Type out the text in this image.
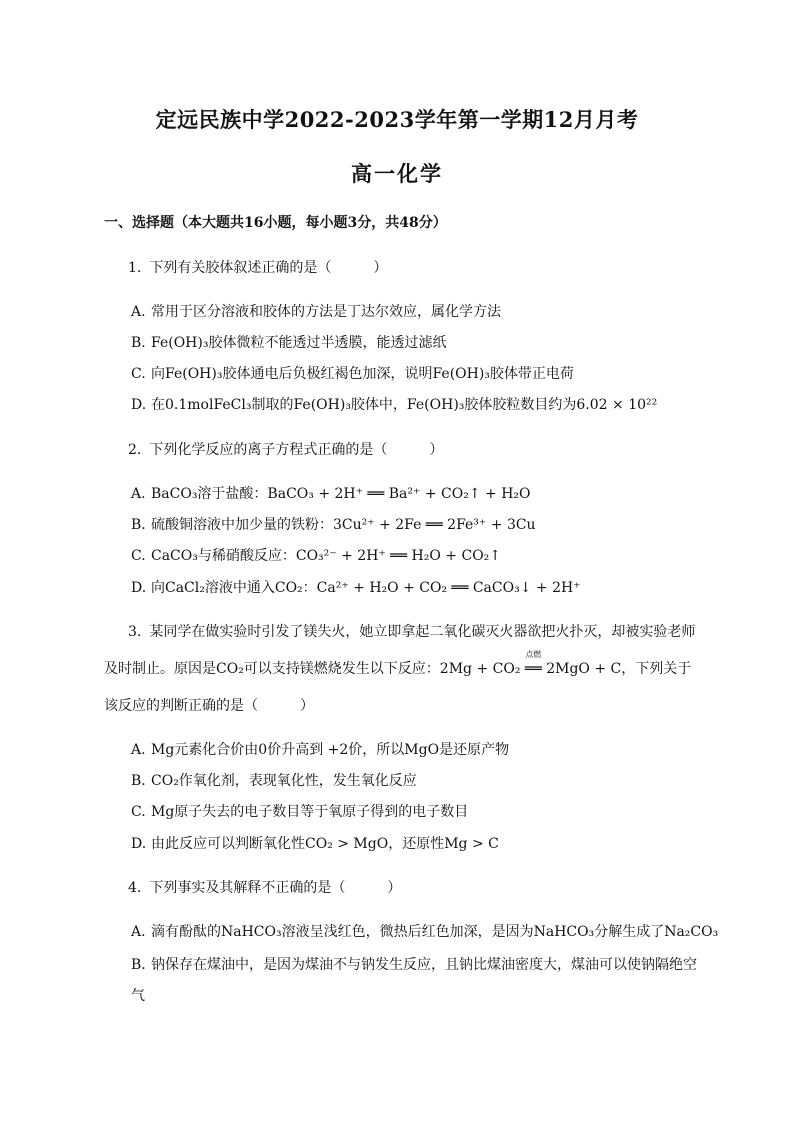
定远民族中学2022-2023学年第一学期12月月考
高一化学
一、选择题（本大题共16小题，每小题3分，共48分）
1. 下列有关胶体叙述正确的是（　　　）
A. 常用于区分溶液和胶体的方法是丁达尔效应，属化学方法
B. Fe(OH)₃胶体微粒不能透过半透膜，能透过滤纸
C. 向Fe(OH)₃胶体通电后负极红褐色加深，说明Fe(OH)₃胶体带正电荷
D. 在0.1molFeCl₃制取的Fe(OH)₃胶体中，Fe(OH)₃胶体胶粒数目约为6.02 × 10²²
2. 下列化学反应的离子方程式正确的是（　　　）
A. BaCO₃溶于盐酸：BaCO₃ + 2H⁺ ══ Ba²⁺ + CO₂↑ + H₂O
B. 硫酸铜溶液中加少量的铁粉：3Cu²⁺ + 2Fe ══ 2Fe³⁺ + 3Cu
C. CaCO₃与稀硝酸反应：CO₃²⁻ + 2H⁺ ══ H₂O + CO₂↑
D. 向CaCl₂溶液中通入CO₂：Ca²⁺ + H₂O + CO₂ ══ CaCO₃↓ + 2H⁺
3. 某同学在做实验时引发了镁失火，她立即拿起二氧化碳灭火器欲把火扑灭，却被实验老师
及时制止。原因是CO₂可以支持镁燃烧发生以下反应：2Mg + CO₂
点燃
══ 2MgO + C，下列关于
该反应的判断正确的是（　　　）
A. Mg元素化合价由0价升高到 +2价，所以MgO是还原产物
B. CO₂作氧化剂，表现氧化性，发生氧化反应
C. Mg原子失去的电子数目等于氧原子得到的电子数目
D. 由此反应可以判断氧化性CO₂ > MgO，还原性Mg > C
4. 下列事实及其解释不正确的是（　　　）
A. 滴有酚酞的NaHCO₃溶液呈浅红色，微热后红色加深，是因为NaHCO₃分解生成了Na₂CO₃
B. 钠保存在煤油中，是因为煤油不与钠发生反应，且钠比煤油密度大，煤油可以使钠隔绝空
气
